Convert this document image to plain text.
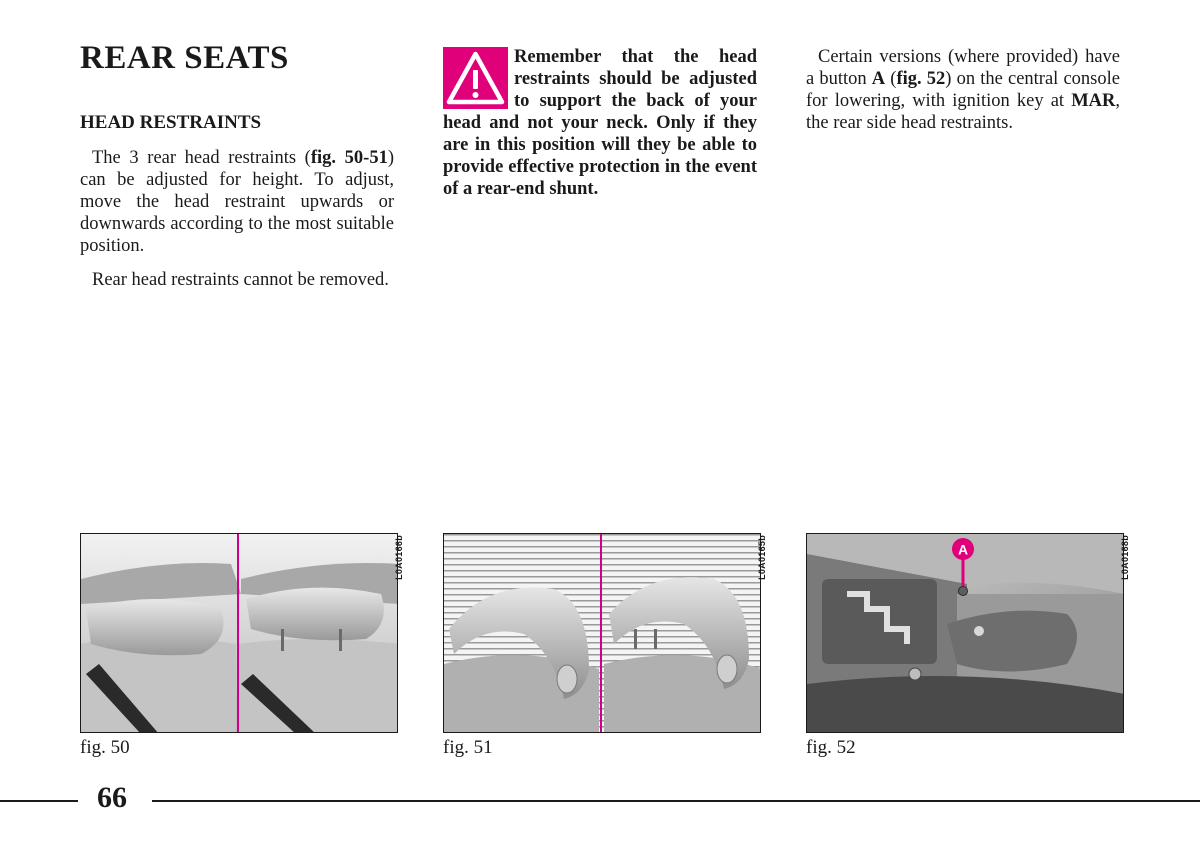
REAR SEATS
HEAD RESTRAINTS

The 3 rear head restraints (fig. 50-51) can be adjusted for height. To adjust, move the head restraint upwards or downwards according to the most suitable position.

Rear head restraints cannot be removed.

Remember that the head restraints should be adjusted to support the back of your head and not your neck. Only if they are in this position will they be able to provide effective protection in the event of a rear-end shunt.

Certain versions (where provided) have a button A (fig. 52) on the central console for lowering, with ignition key at MAR, the rear side head restraints.

L0A0166b
fig. 50
L0A0165b
fig. 51
A	L0A0168b
fig. 52
66
